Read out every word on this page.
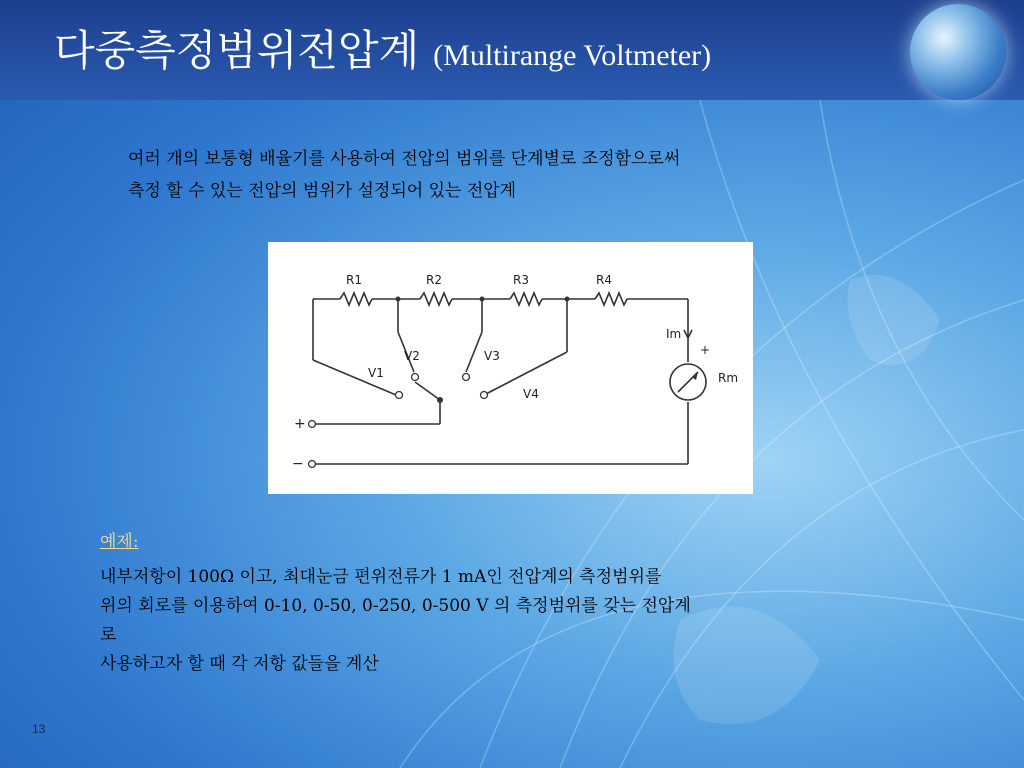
다중측정범위전압계 (Multirange Voltmeter)
여러 개의 보통형 배율기를 사용하여 전압의 범위를 단계별로 조정함으로써
측정 할 수 있는 전압의 범위가 설정되어 있는 전압계
R1	R2	R3	R4
V1
V2	V3
V4
Im
Rm
+
+
−
예제:
내부저항이 100Ω 이고, 최대눈금 편위전류가 1 mA인 전압계의 측정범위를
위의 회로를 이용하여 0-10, 0-50, 0-250, 0-500 V 의 측정범위를 갖는 전압계
로
사용하고자 할 때 각 저항 값들을 계산
13
